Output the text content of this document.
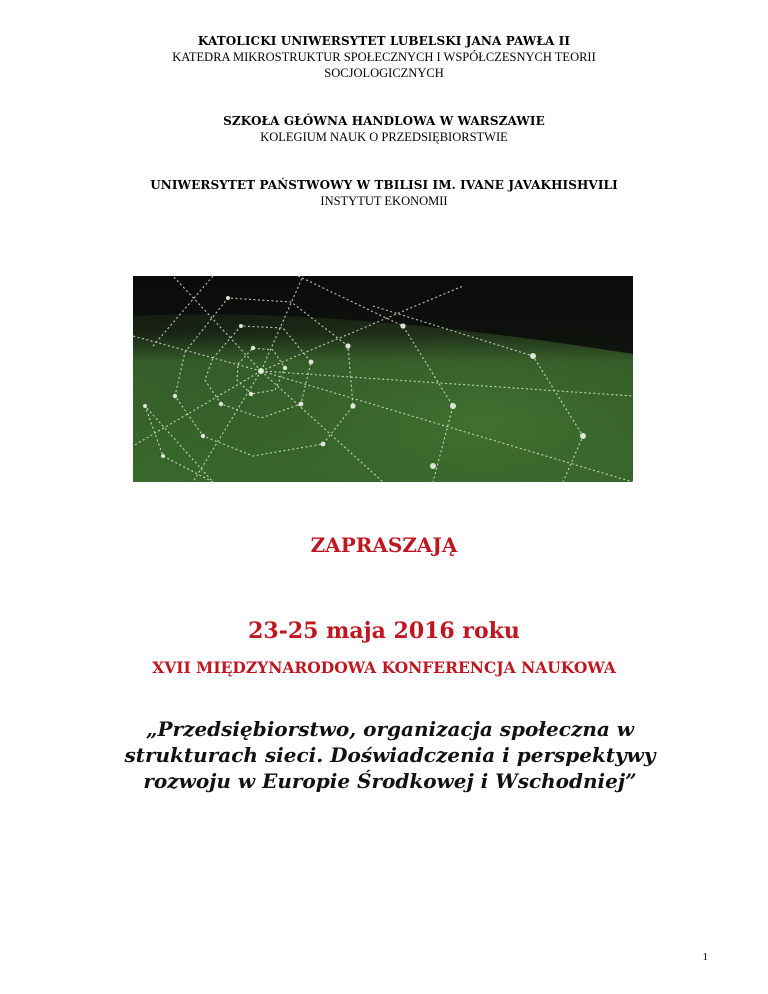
KATOLICKI UNIWERSYTET LUBELSKI JANA PAWŁA II
KATEDRA MIKROSTRUKTUR SPOŁECZNYCH I WSPÓŁCZESNYCH TEORII
SOCJOLOGICZNYCH
SZKOŁA GŁÓWNA HANDLOWA W WARSZAWIE
KOLEGIUM NAUK O PRZEDSIĘBIORSTWIE
UNIWERSYTET PAŃSTWOWY W TBILISI IM. IVANE JAVAKHISHVILI
INSTYTUT EKONOMII
ZAPRASZAJĄ
23-25 maja 2016 roku
XVII MIĘDZYNARODOWA KONFERENCJA NAUKOWA
„Przedsiębiorstwo, organizacja społeczna w
strukturach sieci. Doświadczenia i perspektywy
rozwoju w Europie Środkowej i Wschodniej”
1
